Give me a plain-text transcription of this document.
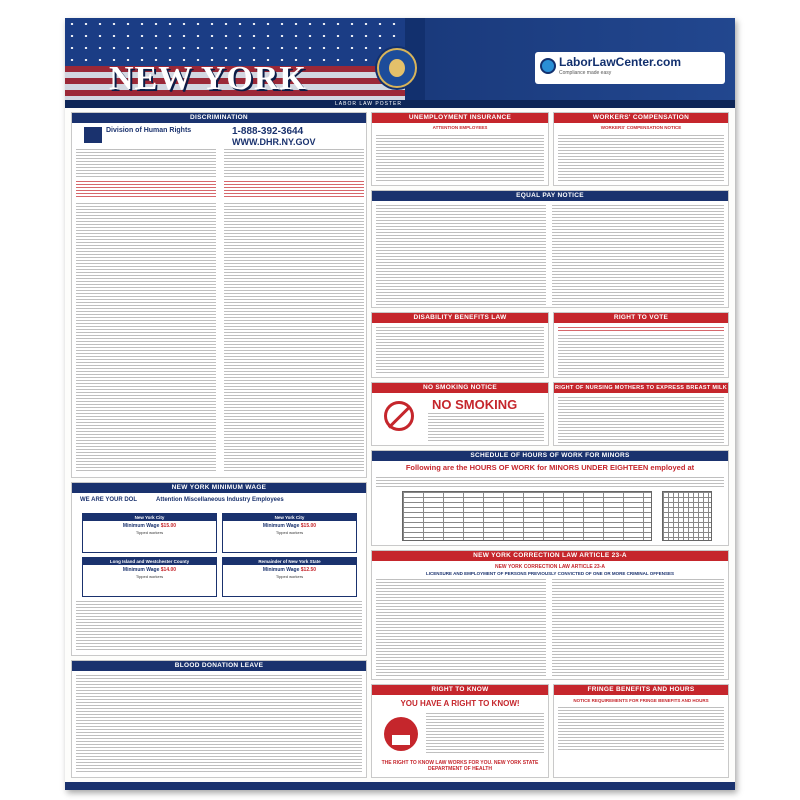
NEW YORK	LaborLawCenter.com
Compliance made easy
LABOR LAW POSTER
DISCRIMINATION
Division of Human Rights	1-888-392-3644
WWW.DHR.NY.GOV
NEW YORK MINIMUM WAGE
WE ARE YOUR DOL	Attention Miscellaneous Industry Employees
New York City
Minimum Wage $15.00
Tipped workers
New York City
Minimum Wage $15.00
Tipped workers
Long Island and Westchester County
Minimum Wage $14.00
Tipped workers
Remainder of New York State
Minimum Wage $12.50
Tipped workers
BLOOD DONATION LEAVE
UNEMPLOYMENT INSURANCE
ATTENTION EMPLOYEES
WORKERS' COMPENSATION
WORKERS' COMPENSATION NOTICE
EQUAL PAY NOTICE
DISABILITY BENEFITS LAW	RIGHT TO VOTE
NO SMOKING NOTICE
NO SMOKING
RIGHT OF NURSING MOTHERS TO EXPRESS BREAST MILK
SCHEDULE OF HOURS OF WORK FOR MINORS
Following are the HOURS OF WORK for MINORS UNDER EIGHTEEN employed at
NEW YORK CORRECTION LAW ARTICLE 23-A
NEW YORK CORRECTION LAW ARTICLE 23-A
LICENSURE AND EMPLOYMENT OF PERSONS PREVIOUSLY CONVICTED OF ONE OR MORE CRIMINAL OFFENSES
RIGHT TO KNOW
YOU HAVE A RIGHT TO KNOW!
THE RIGHT TO KNOW LAW WORKS FOR YOU. NEW YORK STATE DEPARTMENT OF HEALTH
FRINGE BENEFITS AND HOURS
NOTICE REQUIREMENTS FOR FRINGE BENEFITS AND HOURS
